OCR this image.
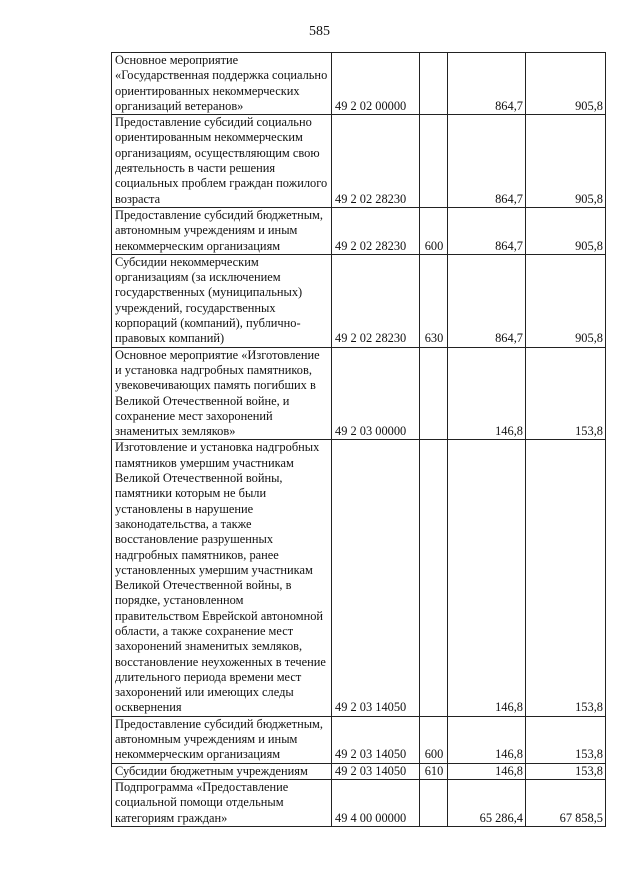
585
Основное мероприятие «Государственная поддержка социально ориентированных некоммерческих организаций ветеранов»	49 2 02 00000		864,7	905,8
Предоставление субсидий социально ориентированным некоммерческим организациям, осуществляющим свою деятельность в части решения социальных проблем граждан пожилого возраста	49 2 02 28230		864,7	905,8
Предоставление субсидий бюджетным, автономным учреждениям и иным некоммерческим организациям	49 2 02 28230	600	864,7	905,8
Субсидии некоммерческим организациям (за исключением государственных (муниципальных) учреждений, государственных корпораций (компаний), публично-правовых компаний)	49 2 02 28230	630	864,7	905,8
Основное мероприятие «Изготовление и установка надгробных памятников, увековечивающих память погибших в Великой Отечественной войне, и сохранение мест захоронений знаменитых земляков»	49 2 03 00000		146,8	153,8
Изготовление и установка надгробных памятников умершим участникам Великой Отечественной войны, памятники которым не были установлены в нарушение законодательства, а также восстановление разрушенных надгробных памятников, ранее установленных умершим участникам Великой Отечественной войны, в порядке, установленном правительством Еврейской автономной области, а также сохранение мест захоронений знаменитых земляков, восстановление неухоженных в течение длительного периода времени мест захоронений или имеющих следы осквернения	49 2 03 14050		146,8	153,8
Предоставление субсидий бюджетным, автономным учреждениям и иным некоммерческим организациям	49 2 03 14050	600	146,8	153,8
Субсидии бюджетным учреждениям	49 2 03 14050	610	146,8	153,8
Подпрограмма «Предоставление социальной помощи отдельным категориям граждан»	49 4 00 00000		65 286,4	67 858,5
